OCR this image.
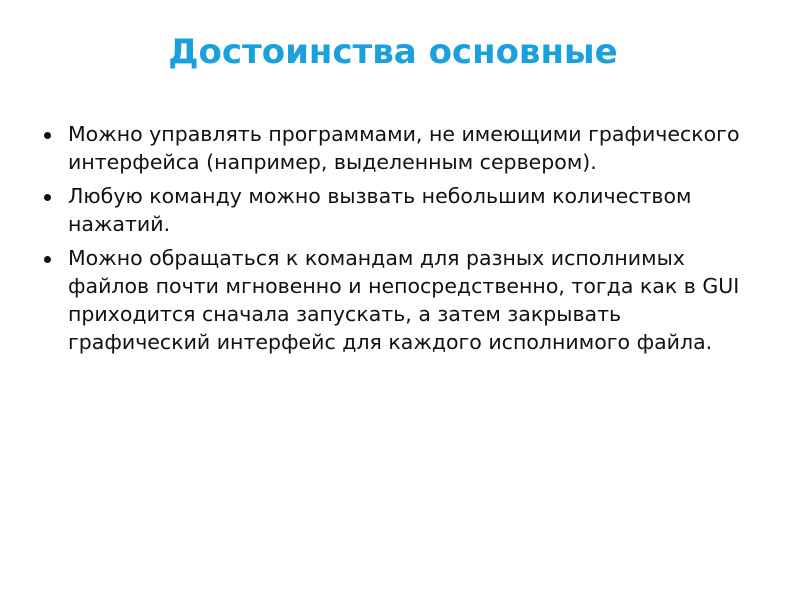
Достоинства основные
Можно управлять программами, не имеющими графического интерфейса (например, выделенным сервером).
Любую команду можно вызвать небольшим количеством нажатий.
Можно обращаться к командам для разных исполнимых файлов почти мгновенно и непосредственно, тогда как в GUI приходится сначала запускать, а затем закрывать графический интерфейс для каждого исполнимого файла.
